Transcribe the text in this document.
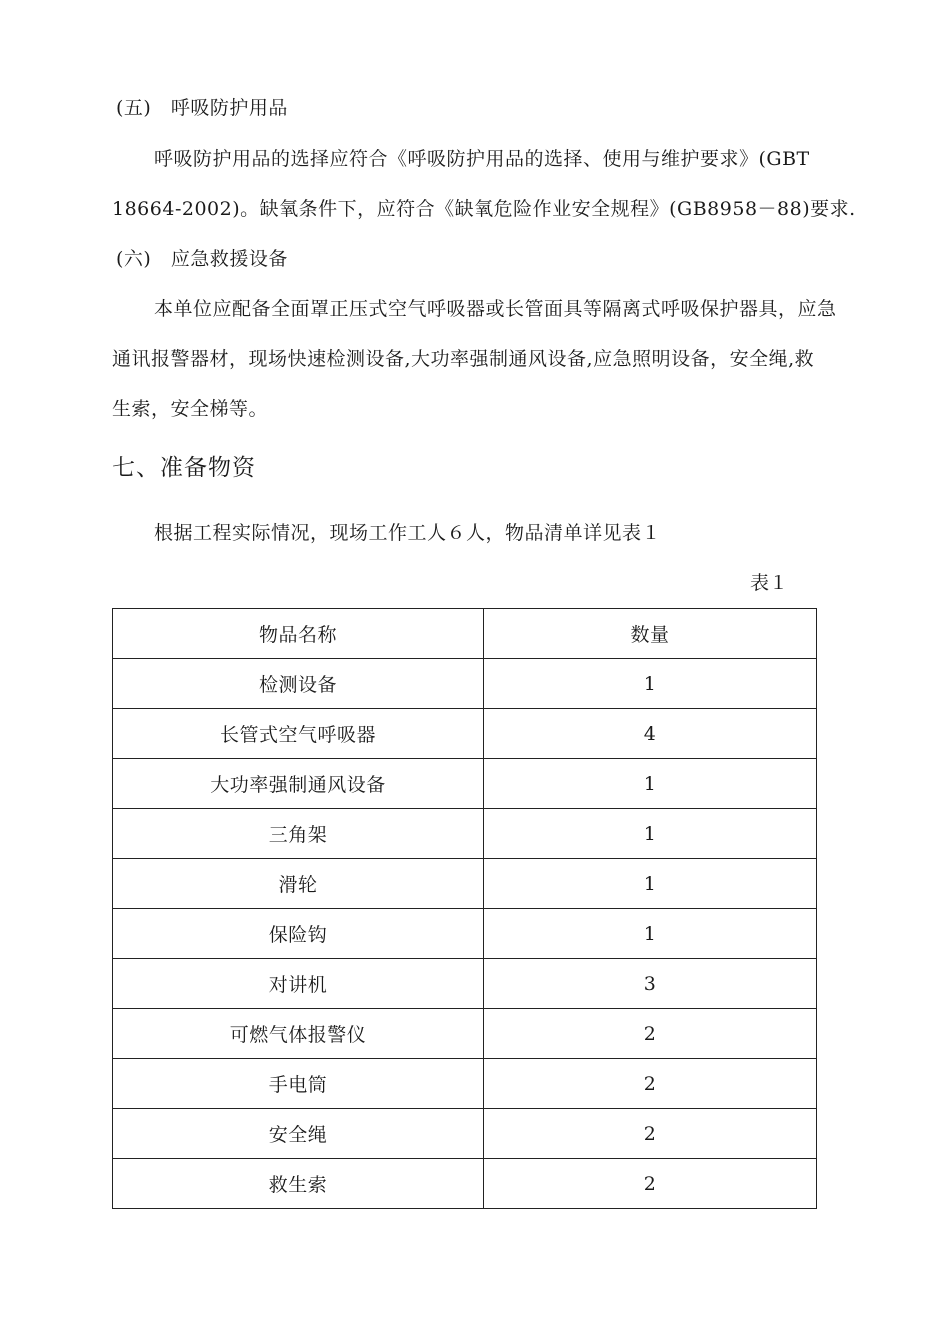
(五)　呼吸防护用品
呼吸防护用品的选择应符合《呼吸防护用品的选择、使用与维护要求》(GBT
18664-2002)。缺氧条件下，应符合《缺氧危险作业安全规程》(GB8958－88)要求.
(六)　应急救援设备
本单位应配备全面罩正压式空气呼吸器或长管面具等隔离式呼吸保护器具，应急
通讯报警器材，现场快速检测设备,大功率强制通风设备,应急照明设备，安全绳,救
生索，安全梯等。
七、准备物资
根据工程实际情况，现场工作工人６人，物品清单详见表１
表１
物品名称	数量
检测设备	1
长管式空气呼吸器	4
大功率强制通风设备	1
三角架	1
滑轮	1
保险钩	1
对讲机	3
可燃气体报警仪	2
手电筒	2
安全绳	2
救生索	2
